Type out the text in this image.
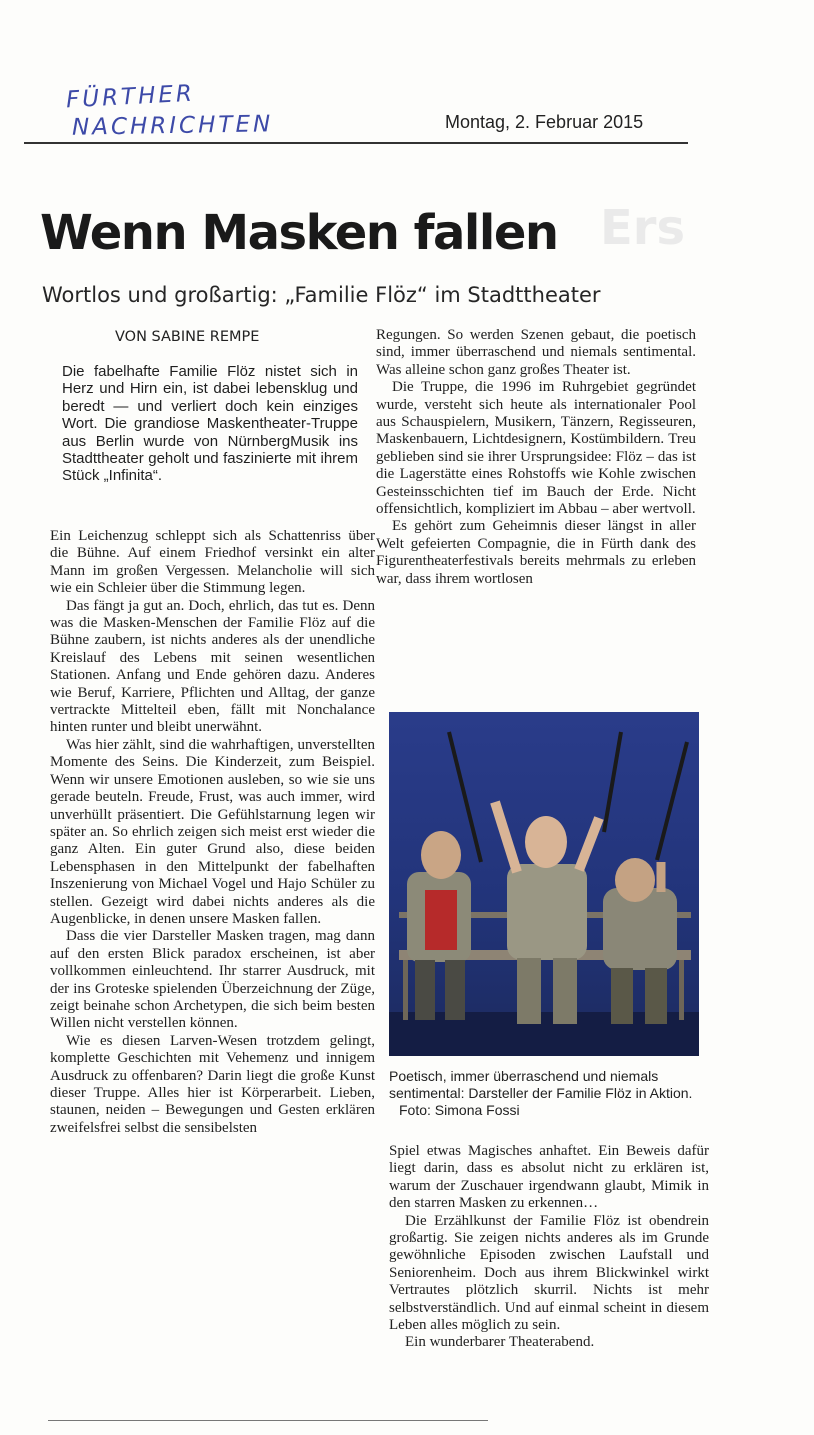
Ers
FÜRTHER
NACHRICHTEN	Montag, 2. Februar 2015
Wenn Masken fallen
Wortlos und großartig: „Familie Flöz“ im Stadttheater
VON SABINE REMPE

Die fabelhafte Familie Flöz nistet sich in Herz und Hirn ein, ist dabei lebensklug und beredt — und verliert doch kein einziges Wort. Die grandiose Maskentheater-Truppe aus Berlin wurde von NürnbergMusik ins Stadttheater geholt und faszinierte mit ihrem Stück „Infinita“.

Ein Leichenzug schleppt sich als Schattenriss über die Bühne. Auf einem Friedhof versinkt ein alter Mann im großen Vergessen. Melancholie will sich wie ein Schleier über die Stimmung legen.

Das fängt ja gut an. Doch, ehrlich, das tut es. Denn was die Masken-Menschen der Familie Flöz auf die Bühne zaubern, ist nichts anderes als der unendliche Kreislauf des Lebens mit seinen wesentlichen Stationen. Anfang und Ende gehören dazu. Anderes wie Beruf, Karriere, Pflichten und Alltag, der ganze vertrackte Mittelteil eben, fällt mit Nonchalance hinten runter und bleibt unerwähnt.

Was hier zählt, sind die wahrhaftigen, unverstellten Momente des Seins. Die Kinderzeit, zum Beispiel. Wenn wir unsere Emotionen ausleben, so wie sie uns gerade beuteln. Freude, Frust, was auch immer, wird unverhüllt präsentiert. Die Gefühlstarnung legen wir später an. So ehrlich zeigen sich meist erst wieder die ganz Alten. Ein guter Grund also, diese beiden Lebensphasen in den Mittelpunkt der fabelhaften Inszenierung von Michael Vogel und Hajo Schüler zu stellen. Gezeigt wird dabei nichts anderes als die Augenblicke, in denen unsere Masken fallen.

Dass die vier Darsteller Masken tragen, mag dann auf den ersten Blick paradox erscheinen, ist aber vollkommen einleuchtend. Ihr starrer Ausdruck, mit der ins Groteske spielenden Überzeichnung der Züge, zeigt beinahe schon Archetypen, die sich beim besten Willen nicht verstellen können.

Wie es diesen Larven-Wesen trotzdem gelingt, komplette Geschichten mit Vehemenz und innigem Ausdruck zu offenbaren? Darin liegt die große Kunst dieser Truppe. Alles hier ist Körperarbeit. Lieben, staunen, neiden – Bewegungen und Gesten erklären zweifelsfrei selbst die sensibelsten

Regungen. So werden Szenen gebaut, die poetisch sind, immer überraschend und niemals sentimental. Was alleine schon ganz großes Theater ist.

Die Truppe, die 1996 im Ruhrgebiet gegründet wurde, versteht sich heute als internationaler Pool aus Schauspielern, Musikern, Tänzern, Regisseuren, Maskenbauern, Lichtdesignern, Kostümbildern. Treu geblieben sind sie ihrer Ursprungsidee: Flöz – das ist die Lagerstätte eines Rohstoffs wie Kohle zwischen Gesteinsschichten tief im Bauch der Erde. Nicht offensichtlich, kompliziert im Abbau – aber wertvoll.

Es gehört zum Geheimnis dieser längst in aller Welt gefeierten Compagnie, die in Fürth dank des Figurentheaterfestivals bereits mehrmals zu erleben war, dass ihrem wortlosen

Poetisch, immer überraschend und niemals sentimental: Darsteller der Familie Flöz in Aktion. Foto: Simona Fossi

Spiel etwas Magisches anhaftet. Ein Beweis dafür liegt darin, dass es absolut nicht zu erklären ist, warum der Zuschauer irgendwann glaubt, Mimik in den starren Masken zu erkennen…

Die Erzählkunst der Familie Flöz ist obendrein großartig. Sie zeigen nichts anderes als im Grunde gewöhnliche Episoden zwischen Laufstall und Seniorenheim. Doch aus ihrem Blickwinkel wirkt Vertrautes plötzlich skurril. Nichts ist mehr selbstverständlich. Und auf einmal scheint in diesem Leben alles möglich zu sein.

Ein wunderbarer Theaterabend.
